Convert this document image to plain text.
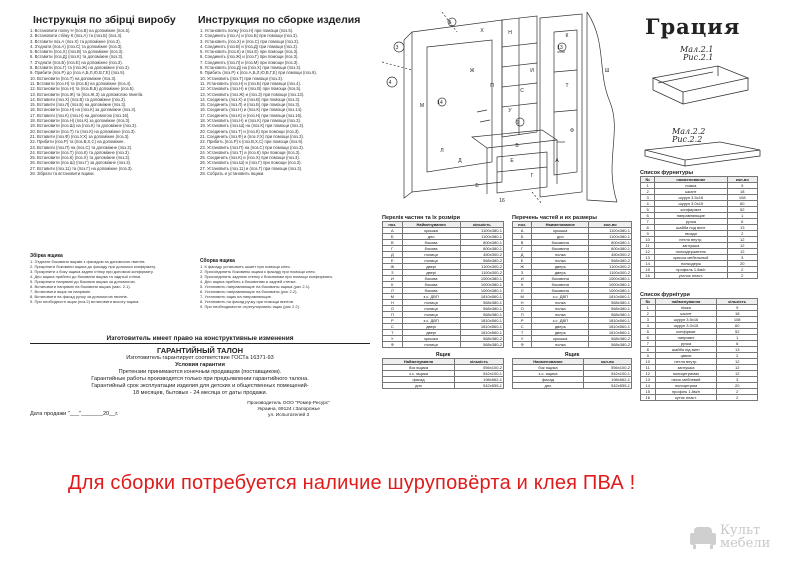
Інструкція по збірці виробу Инструкция по сборке изделия
1. Встановити полку Н (поз.В) на допоміжне (поз.5).
2. Встановити стійку К (поз.А) та (поз.Б) (поз.3).
3. Вставити поз.А (поз.Х) та допоміжне (поз.3).
4. З'єднати (поз.А) (поз.С) та допоміжне (поз.3).
5. Вставити (поз.Х) (поз.В) та допоміжне (поз.3).
6. Вставити (поз.Д) (поз.К) та допоміжне (поз.3).
7. З'єднати (поз.Б) (поз.Е) на допоміжне (поз.3).
8. Вставити (поз.Г) та (поз.Ж) на допоміжне (поз.3).
9. Прибити (поз.Р) до (поз.А,Б,Л,Ю,В,Г,Е) (поз.9).
10. Встановити (поз.Т) на допоміжне (поз.3).
11. Вставити (поз.Н) та (поз.Б) на допоміжне (поз.4).
12. Встановити (поз.Н) та (поз.В,Б) допоміжне (поз.5).
13. Встановити (поз.Ж) та (поз.Ж,З) за допомогою гвинтів.
14. Вставити (поз.Х) (поз.В) та допоміжне (поз.3).
15. Вставити (поз.Л) (поз.Б) на допоміжне (поз.3).
16. Встановити (поз.Н) на (поз.К) за допоміжне (поз.3).
17. Вставити (поз.К) (поз.Н) на допомогою (поз.16).
18. Встановити (поз.Н) (поз.К) за допоміжне (поз.3).
19. Встановити (поз.Ш) на (поз.К) та допоміжне (поз.3).
20. Встановити (поз.Т) та (поз.К) на допоміжне (поз.3).
21. Вставити (поз.Ф) (поз.У,Х) за допоміжне (поз.3).
22. Прибити (поз.Р) та (поз.В,Х,С) на допоміжне.
23. Вставити (поз.П) на (поз.С) та допоміжне (поз.3).
24. Встановити (поз.Т) (поз.К) та допоміжне (поз.3).
25. Встановити (поз.К) (поз.Х) та допоміжне (поз.3).
26. Встановити (поз.Ш) (поз.Г) за допоміжне (поз.3).
27. Вставити (поз.11) та (поз.Г) на допоміжне (поз.3).
28. Зібрати та встановити ящики.
1. Установить полку (поз.Н) при помощи (поз.5).
2. Соединить (поз.А) и (поз.Б) при помощи (поз.3).
3. Установить (поз.Х) и (поз.С) при помощи (поз.3).
4. Соединить (поз.В) и (поз.Д) при помощи (поз.3).
5. Установить (поз.К) и (поз.Е) при помощи (поз.3).
6. Соединить (поз.Ж) и (поз.Г) при помощи (поз.3).
7. Соединить (поз.Л) и (поз.М) при помощи (поз.3).
8. Установить (поз.Д) на (поз.Х) при помощи (поз.3).
9. Прибить (поз.Р) к (поз.А,Б,Л,Ю,В,Г,Е) при помощи (поз.9).
10. Установить (поз.Т) при помощи (поз.3).
11. Установить (поз.Н) и (поз.Б) при помощи (поз.4).
12. Установить (поз.Н) и (поз.В) при помощи (поз.5).
13. Установить (поз.Ж) и (поз.З) при помощи (поз.13).
14. Соединить (поз.Х) и (поз.В) при помощи (поз.3).
15. Соединить (поз.Л) и (поз.Б) при помощи (поз.3).
16. Соединить (поз.Н) и (поз.К) при помощи (поз.14).
17. Соединить (поз.К) и (поз.Н) при помощи (поз.16).
18. Установить (поз.Н) и (поз.К) при помощи (поз.3).
19. Установить (поз.Ш) на (поз.К) при помощи (поз.3).
20. Соединить (поз.Т) и (поз.К) при помощи (поз.3).
21. Соединить (поз.Ф) и (поз.У,Х) при помощи (поз.3).
22. Прибить (поз.Р) к (поз.В,Х,С) при помощи (поз.9).
23. Установить (поз.П) на (поз.С) при помощи (поз.3).
24. Установить (поз.Т) и (поз.К) при помощи (поз.3).
25. Соединить (поз.К) и (поз.Х) при помощи (поз.3).
26. Установить (поз.Ш) и (поз.Г) при помощи (поз.3).
27. Установить (поз.11) и (поз.Г) при помощи (поз.3).
28. Собрать и установить ящики.
Збірка ящика
1. З'єднати боковини ящиків з фасадом за допомогою гвинтів.
2. Прикріпити боковини ящика до фасаду при допомозі конфірмату.
3. Прикріпити з боку ящика задню стінку при допомозі конфірмату.
4. Дно ящика прибити до боковини ящика та задньої стінки.
5. Прикріпити напрямні до боковин ящика за допомогою.
6. Встановити напрямні на боковини ящика (мал. 2.1).
7. Встановити ящик на напрямні.
8. Встановити на фасад ручку за допомогою гвинтів.
9. При необхідності ящик (поз.2) встановити висоту ящика.
Сборка ящика
1. К фасаду установить шкант при помощи клея.
2. Присоединить боковины ящика к фасаду при помощи клея.
3. Присоединить заднюю стенку к боковинам при помощи конфирмата.
4. Дно ящика прибить к боковинам и задней стенке.
5. Установить направляющие на боковины ящика (рис 2.1).
6. Установить направляющие на боковины (рис 2.2).
7. Установить ящик на направляющие.
8. Установить на фасад ручку при помощи винтов.
9. При необходимости отрегулировать ящик (рис 2.2).
Изготовитель имеет право на конструктивные изменения
ГАРАНТИЙНЫЙ ТАЛОН
Изготовитель гарантирует соответствие ГОСТа 16371-93
Условия гарантии
Претензии принимаются конечным продавцом (поставщиком).
Гарантийные работы производятся только при предъявлении гарантийного талона.
Гарантийный срок эксплуатации изделия для детских и общественных помещений-
18 месяцев, бытовых - 24 месяца от даты продажи.
Дата продажи "___"_______20__г.
Производитель ООО "Ромер-Ресурс"
Украина, 69124 г.Запорожье
ул. Испытателей 3
Д
Л
М
Н
С
Ж	И
К
У
Т
Ф
Е
Г
А
Б
П
Х
Ш
В
3
4
5
9
13
14
16
Грация
Мал.2.1
Рис.2.1
Мал.2.2
Рис.2.2
Перелік частин та їх розміри
поз.	Найменування	кількість
А	кришка	1100х380-1
Б	дно	1100х380-1
В	бокова	800х380-1
Г	бокова	800х380-1
Д	полиця	450х300-2
Е	полиця	568х380-2
Ж	двері	1100х300-2
З	двері	1100х300-2
И	бокова	1000х380-1
К	бокова	1000х380-1
Л	бокова	1000х380-1
М	з.с. ДВП	1810х560-1
Н	полиця	568х380-1
О	полиця	568х380-1
П	полиця	568х380-1
Р	з.с. ДВП	1810х560-1
С	двері	1810х560-1
Т	двері	1810х560-1
У	кришка	568х380-2
Ф	полиця	568х380-2
Ящик
Найменування	кількість
бок ящика	556х100-2
з.с. ящика	542х100-1
фасад	198х562-1
дно	542х555-1
Перечень частей и их размеры
поз.	Наименование	кол-во
А	крышка	1100х380-1
Б	дно	1100х380-1
В	боковина	800х380-1
Г	боковина	800х380-1
Д	полка	450х300-2
Е	полка	568х380-2
Ж	дверь	1100х300-2
З	дверь	1100х300-2
И	боковина	1000х380-1
К	боковина	1000х380-1
Л	боковина	1000х380-1
М	з.с. ДВП	1810х560-1
Н	полка	568х380-1
О	полка	568х380-1
П	полка	568х380-1
Р	з.с. ДВП	1810х560-1
С	дверь	1810х560-1
Т	дверь	1810х560-1
У	крышка	568х380-2
Ф	полка	568х380-2
Ящик
Наименование	кол-во
бок ящика	556х100-2
з.с. ящика	542х100-1
фасад	198х562-1
дно	542х555-1
Список фурнитуры
№	наименование	кол-во
1	ножка	9
2	шкант	18
3	шуруп 3.5х16	108
4	шуруп 3.0х15	60
5	конфирмат	52
6	направляющие	1
7	ручка	6
8	шайба под винт	13
9	гвозди	2
10	петля внутр.	12
11	заглушка	12
12	полкодержатель	12
13	крючок мебельный	3
14	полкодерж	20
15	профиль 1.8м/п	2
16	уголок пласт.	2
Список фурнітури
№	найменування	кількість
1	ніжка	9
2	шкант	18
3	шуруп 3.5х16	108
4	шуруп 3.0х15	60
5	конфірмат	52
6	напрямні	1
7	ручка	6
8	шайба під винт	13
9	цвяхи	2
10	петля внутр.	12
11	заглушка	12
12	полицетримач	12
13	гачок меблевий	3
14	полицетрим	20
15	профіль 1.8м/п	2
16	кутик пласт.	2
Для сборки потребуется наличие шуруповёрта и клея ПВА !
Культ
мебели
